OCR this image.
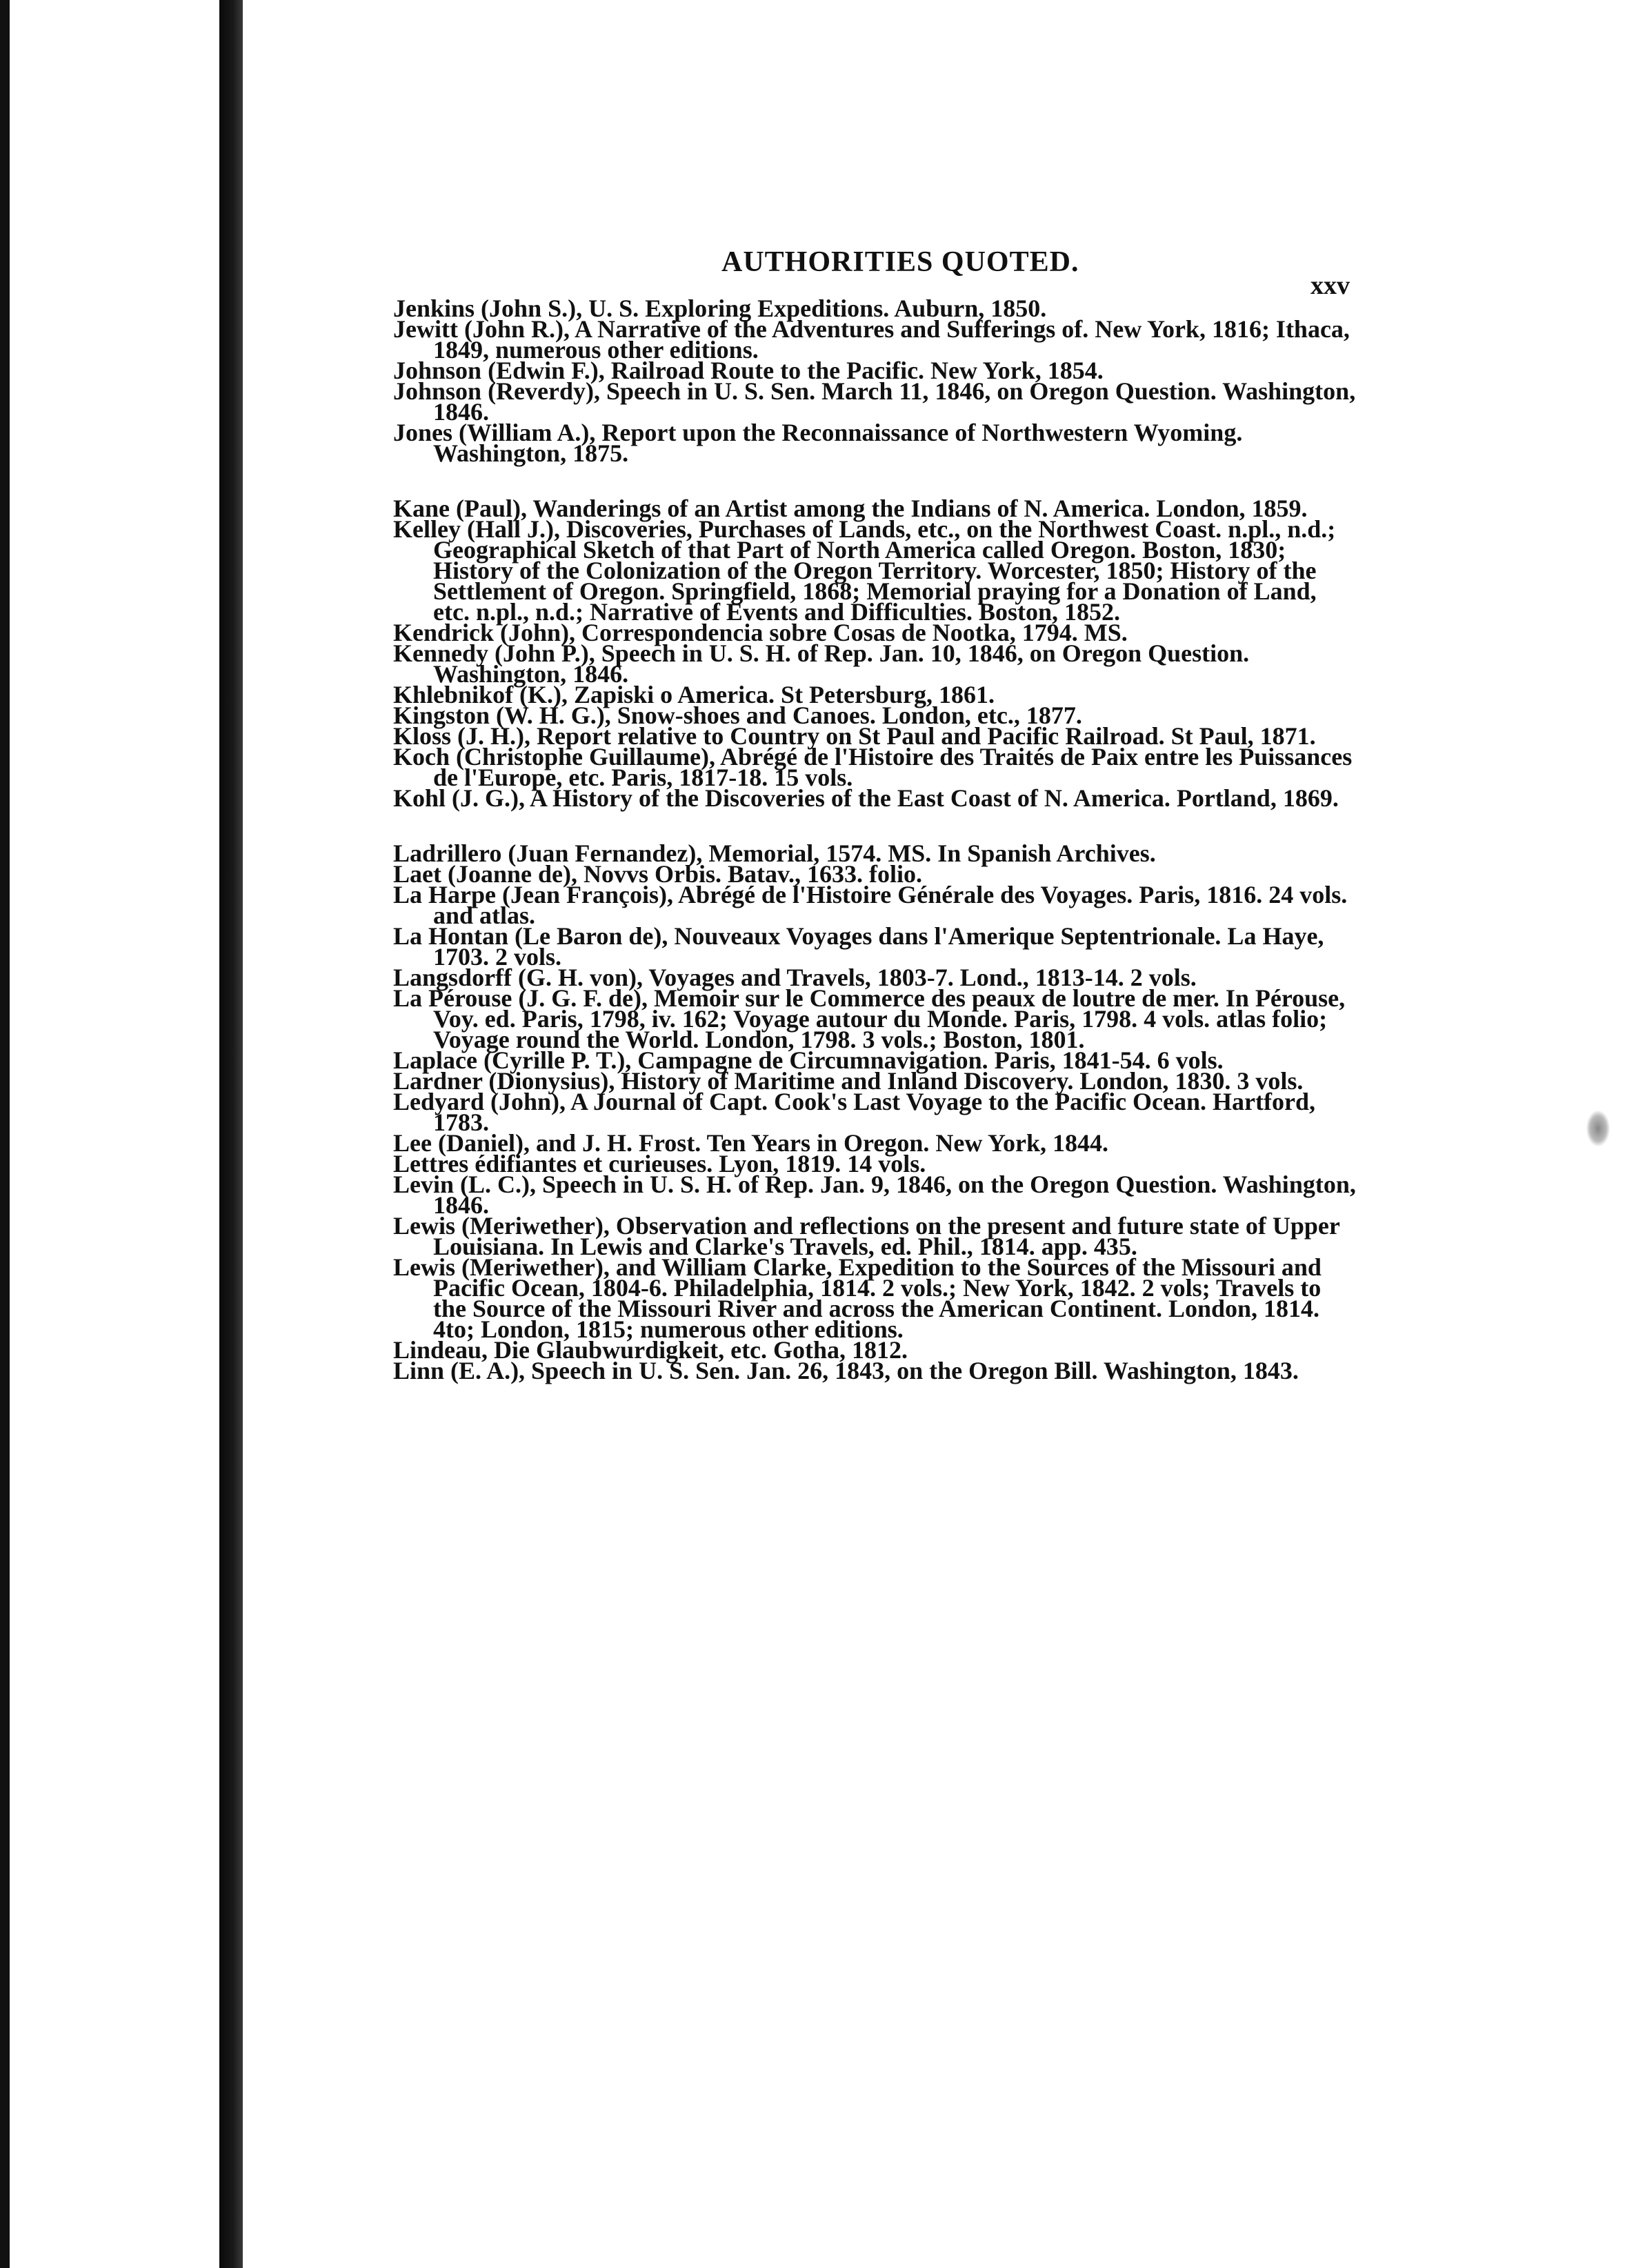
AUTHORITIES QUOTED.
xxv

Jenkins (John S.), U. S. Exploring Expeditions. Auburn, 1850.

Jewitt (John R.), A Narrative of the Adventures and Sufferings of. New York, 1816; Ithaca, 1849, numerous other editions.

Johnson (Edwin F.), Railroad Route to the Pacific. New York, 1854.

Johnson (Reverdy), Speech in U. S. Sen. March 11, 1846, on Oregon Question. Washington, 1846.

Jones (William A.), Report upon the Reconnaissance of Northwestern Wyoming. Washington, 1875.

Kane (Paul), Wanderings of an Artist among the Indians of N. America. London, 1859.

Kelley (Hall J.), Discoveries, Purchases of Lands, etc., on the Northwest Coast. n.pl., n.d.; Geographical Sketch of that Part of North America called Oregon. Boston, 1830; History of the Colonization of the Oregon Territory. Worcester, 1850; History of the Settlement of Oregon. Springfield, 1868; Memorial praying for a Donation of Land, etc. n.pl., n.d.; Narrative of Events and Difficulties. Boston, 1852.

Kendrick (John), Correspondencia sobre Cosas de Nootka, 1794. MS.

Kennedy (John P.), Speech in U. S. H. of Rep. Jan. 10, 1846, on Oregon Question. Washington, 1846.

Khlebnikof (K.), Zapiski o America. St Petersburg, 1861.

Kingston (W. H. G.), Snow-shoes and Canoes. London, etc., 1877.

Kloss (J. H.), Report relative to Country on St Paul and Pacific Railroad. St Paul, 1871.

Koch (Christophe Guillaume), Abrégé de l'Histoire des Traités de Paix entre les Puissances de l'Europe, etc. Paris, 1817-18. 15 vols.

Kohl (J. G.), A History of the Discoveries of the East Coast of N. America. Portland, 1869.

Ladrillero (Juan Fernandez), Memorial, 1574. MS. In Spanish Archives.

Laet (Joanne de), Novvs Orbis. Batav., 1633. folio.

La Harpe (Jean François), Abrégé de l'Histoire Générale des Voyages. Paris, 1816. 24 vols. and atlas.

La Hontan (Le Baron de), Nouveaux Voyages dans l'Amerique Septentrionale. La Haye, 1703. 2 vols.

Langsdorff (G. H. von), Voyages and Travels, 1803-7. Lond., 1813-14. 2 vols.

La Pérouse (J. G. F. de), Memoir sur le Commerce des peaux de loutre de mer. In Pérouse, Voy. ed. Paris, 1798, iv. 162; Voyage autour du Monde. Paris, 1798. 4 vols. atlas folio; Voyage round the World. London, 1798. 3 vols.; Boston, 1801.

Laplace (Cyrille P. T.), Campagne de Circumnavigation. Paris, 1841-54. 6 vols.

Lardner (Dionysius), History of Maritime and Inland Discovery. London, 1830. 3 vols.

Ledyard (John), A Journal of Capt. Cook's Last Voyage to the Pacific Ocean. Hartford, 1783.

Lee (Daniel), and J. H. Frost. Ten Years in Oregon. New York, 1844.

Lettres édifiantes et curieuses. Lyon, 1819. 14 vols.

Levin (L. C.), Speech in U. S. H. of Rep. Jan. 9, 1846, on the Oregon Question. Washington, 1846.

Lewis (Meriwether), Observation and reflections on the present and future state of Upper Louisiana. In Lewis and Clarke's Travels, ed. Phil., 1814. app. 435.

Lewis (Meriwether), and William Clarke, Expedition to the Sources of the Missouri and Pacific Ocean, 1804-6. Philadelphia, 1814. 2 vols.; New York, 1842. 2 vols; Travels to the Source of the Missouri River and across the American Continent. London, 1814. 4to; London, 1815; numerous other editions.

Lindeau, Die Glaubwurdigkeit, etc. Gotha, 1812.

Linn (E. A.), Speech in U. S. Sen. Jan. 26, 1843, on the Oregon Bill. Washington, 1843.
